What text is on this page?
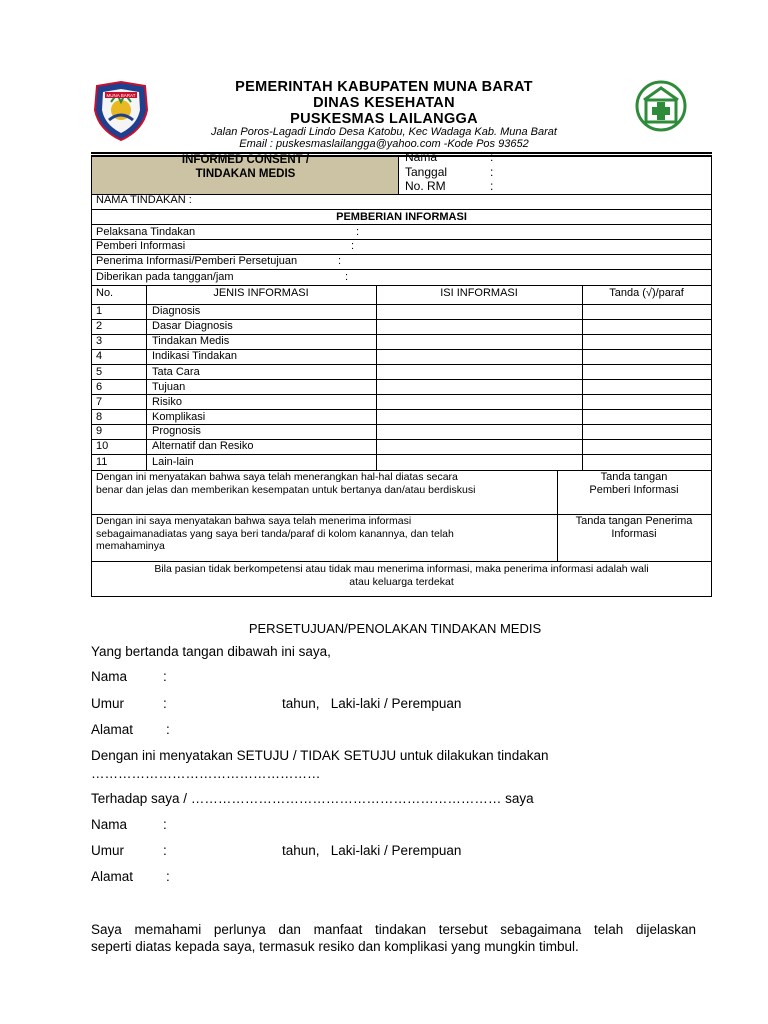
MUNA BARAT
PEMERINTAH KABUPATEN MUNA BARAT
DINAS KESEHATAN
PUSKESMAS LAILANGGA
Jalan Poros-Lagadi Lindo Desa Katobu, Kec Wadaga Kab. Muna Barat
Email : puskesmaslailangga@yahoo.com -Kode Pos 93652
INFORMED CONSENT /
TINDAKAN MEDIS
Nama	:
Tanggal	:
No. RM	:
NAMA TINDAKAN :
PEMBERIAN INFORMASI
Pelaksana Tindakan	:
Pemberi Informasi	:
Penerima Informasi/Pemberi Persetujuan	:
Diberikan pada tanggan/jam	:
No.	JENIS INFORMASI	ISI INFORMASI	Tanda (√)/paraf
1	Diagnosis
2	Dasar Diagnosis
3	Tindakan Medis
4	Indikasi Tindakan
5	Tata Cara
6	Tujuan
7	Risiko
8	Komplikasi
9	Prognosis
10	Alternatif dan Resiko
11	Lain-lain
Dengan ini menyatakan bahwa saya telah menerangkan hal-hal diatas secara
benar dan jelas dan memberikan kesempatan untuk bertanya dan/atau berdiskusi
Tanda tangan
Pemberi Informasi
Dengan ini saya menyatakan bahwa saya telah menerima informasi
sebagaimanadiatas yang saya beri tanda/paraf di kolom kanannya, dan telah
memahaminya
Tanda tangan Penerima
Informasi
Bila pasian tidak berkompetensi atau tidak mau menerima informasi, maka penerima informasi adalah wali
atau keluarga terdekat
PERSETUJUAN/PENOLAKAN TINDAKAN MEDIS
Yang bertanda tangan dibawah ini saya,
Nama	:
Umur	:	tahun,   Laki-laki / Perempuan
Alamat :
Dengan ini menyatakan SETUJU / TIDAK SETUJU untuk dilakukan tindakan
……………………………………………
Terhadap saya / …………………………………………………………… saya
Nama	:
Umur	:	tahun,   Laki-laki / Perempuan
Alamat :
Saya memahami perlunya dan manfaat tindakan tersebut sebagaimana telah dijelaskan
seperti diatas kepada saya, termasuk resiko dan komplikasi yang mungkin timbul.
